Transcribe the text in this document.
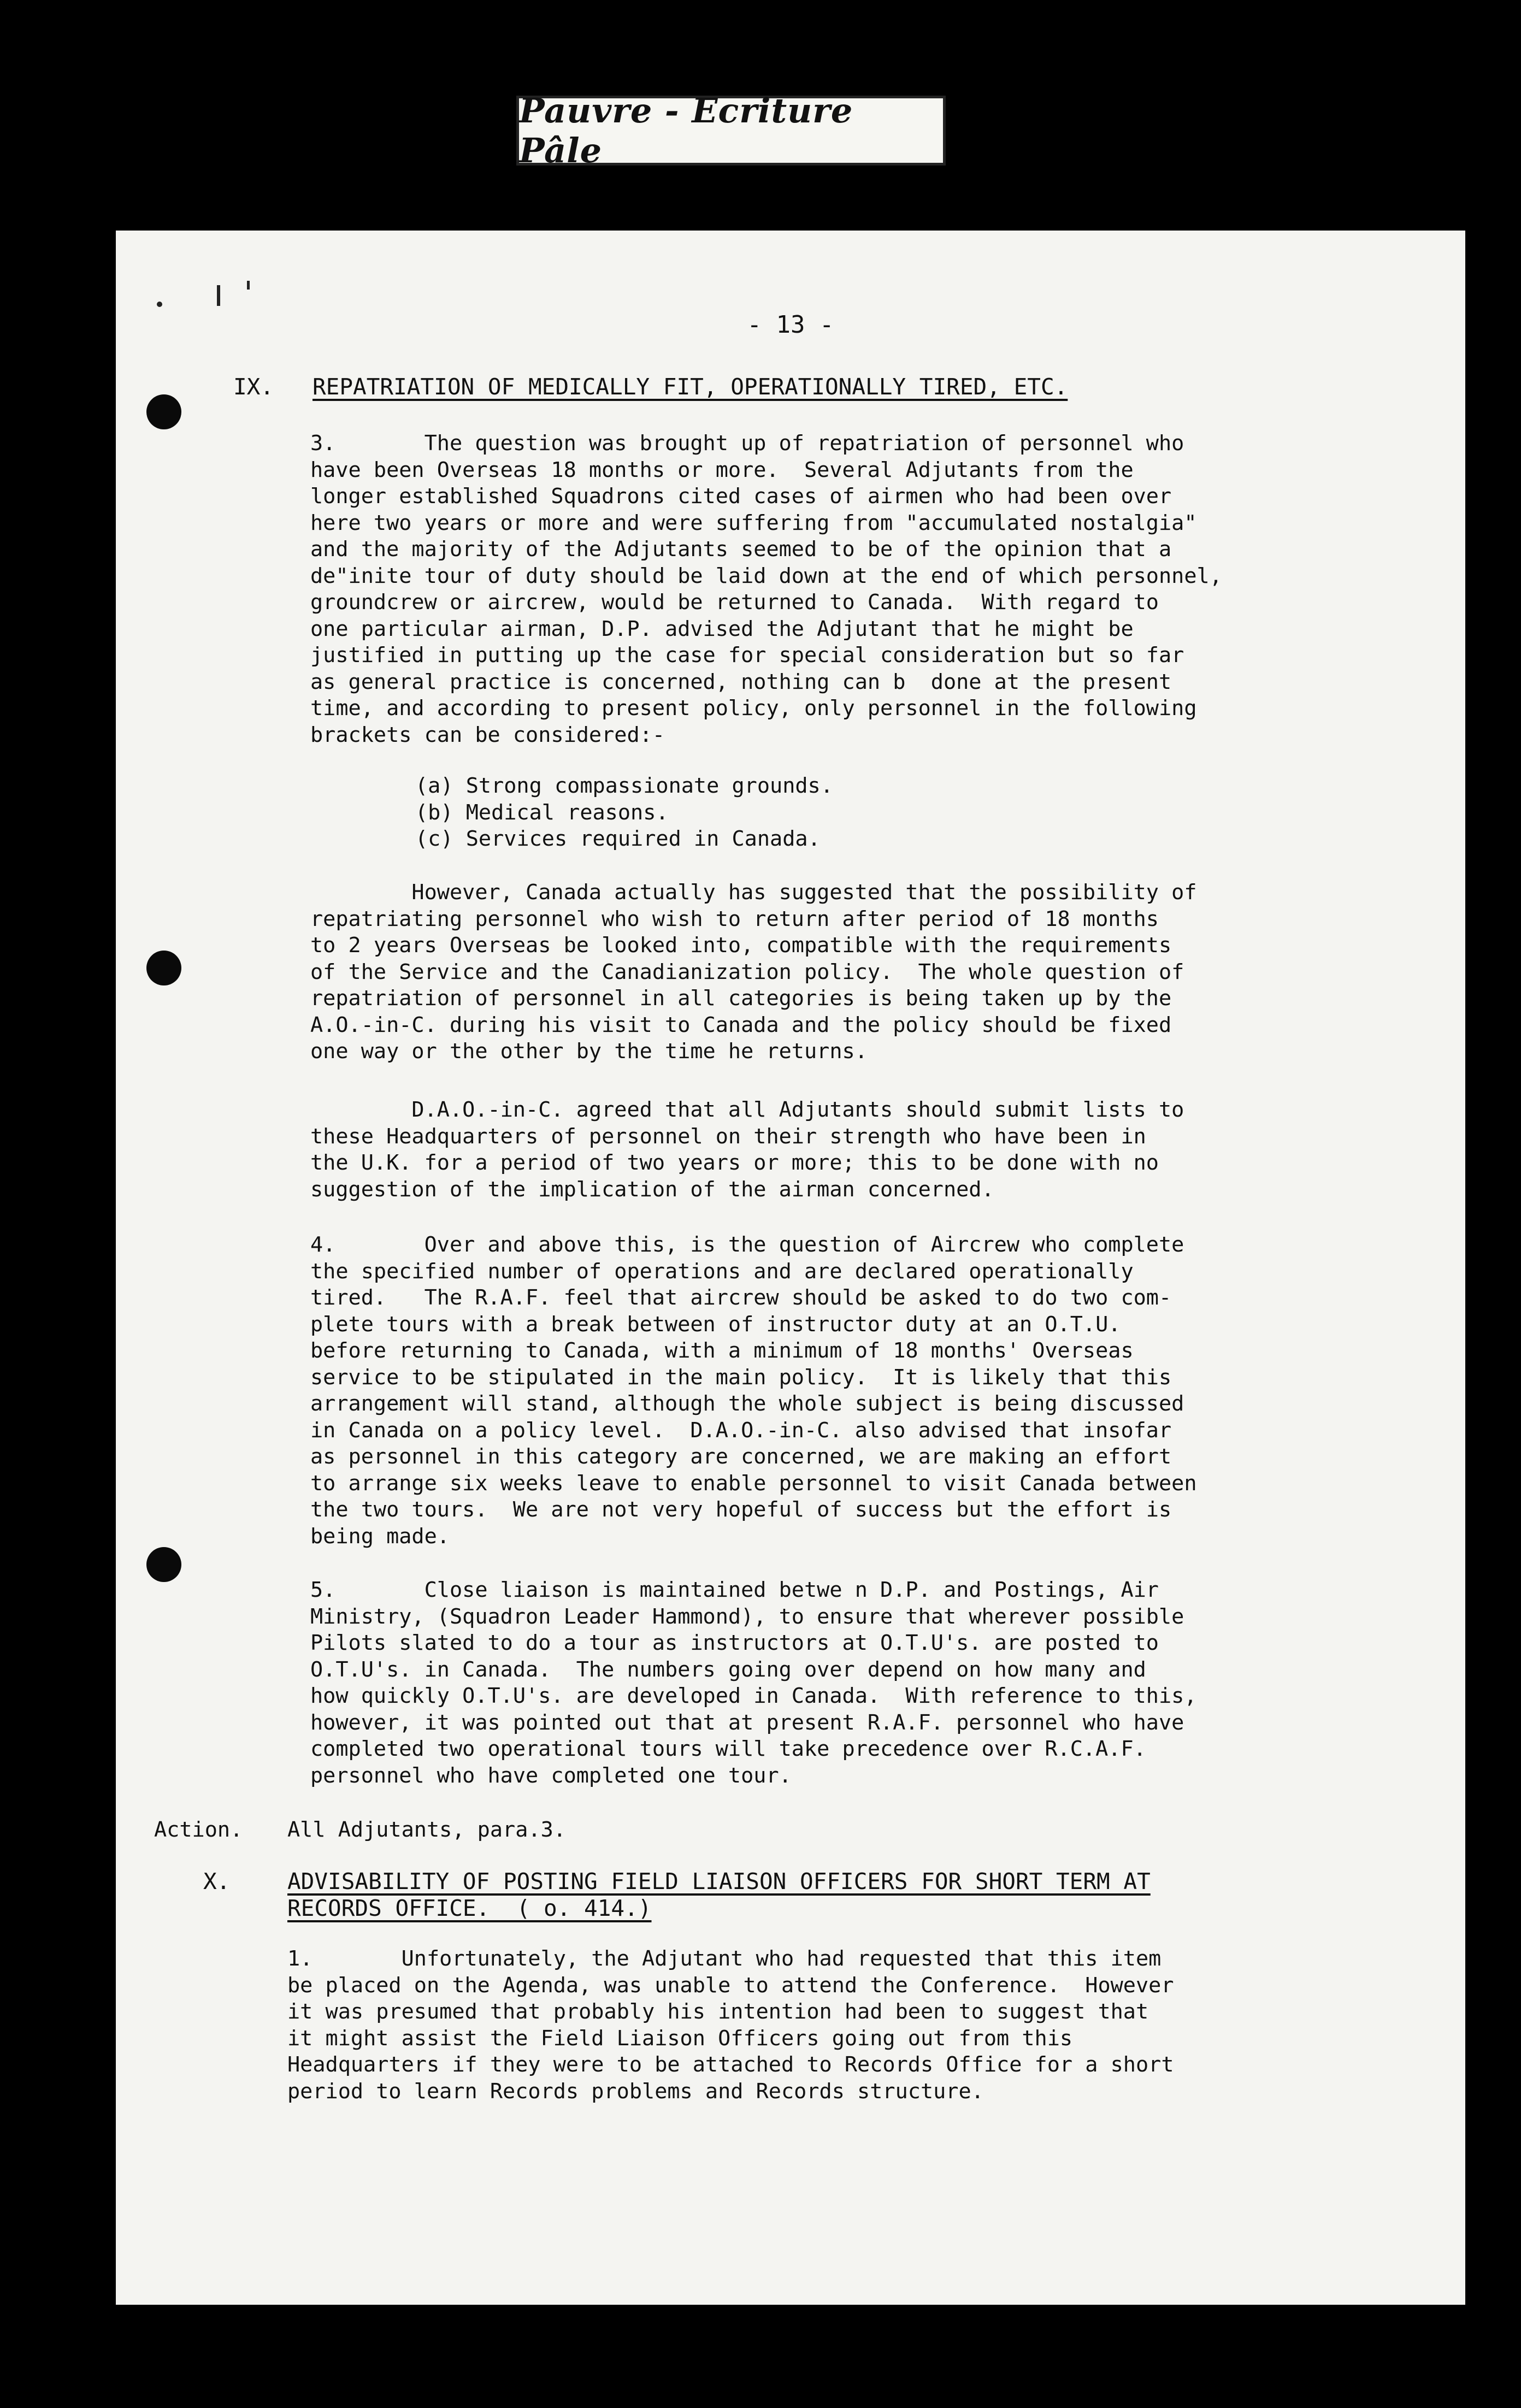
Pauvre - Ecriture Pâle
- 13 -
IX. REPATRIATION OF MEDICALLY FIT, OPERATIONALLY TIRED, ETC.
3.       The question was brought up of repatriation of personnel who
have been Overseas 18 months or more.  Several Adjutants from the
longer established Squadrons cited cases of airmen who had been over
here two years or more and were suffering from "accumulated nostalgia"
and the majority of the Adjutants seemed to be of the opinion that a
de"inite tour of duty should be laid down at the end of which personnel,
groundcrew or aircrew, would be returned to Canada.  With regard to
one particular airman, D.P. advised the Adjutant that he might be
justified in putting up the case for special consideration but so far
as general practice is concerned, nothing can b  done at the present
time, and according to present policy, only personnel in the following
brackets can be considered:-
(a) Strong compassionate grounds.
(b) Medical reasons.
(c) Services required in Canada.
However, Canada actually has suggested that the possibility of
repatriating personnel who wish to return after period of 18 months
to 2 years Overseas be looked into, compatible with the requirements
of the Service and the Canadianization policy.  The whole question of
repatriation of personnel in all categories is being taken up by the
A.O.-in-C. during his visit to Canada and the policy should be fixed
one way or the other by the time he returns.
D.A.O.-in-C. agreed that all Adjutants should submit lists to
these Headquarters of personnel on their strength who have been in
the U.K. for a period of two years or more; this to be done with no
suggestion of the implication of the airman concerned.
4.       Over and above this, is the question of Aircrew who complete
the specified number of operations and are declared operationally
tired.   The R.A.F. feel that aircrew should be asked to do two com-
plete tours with a break between of instructor duty at an O.T.U.
before returning to Canada, with a minimum of 18 months' Overseas
service to be stipulated in the main policy.  It is likely that this
arrangement will stand, although the whole subject is being discussed
in Canada on a policy level.  D.A.O.-in-C. also advised that insofar
as personnel in this category are concerned, we are making an effort
to arrange six weeks leave to enable personnel to visit Canada between
the two tours.  We are not very hopeful of success but the effort is
being made.
5.       Close liaison is maintained betwe n D.P. and Postings, Air
Ministry, (Squadron Leader Hammond), to ensure that wherever possible
Pilots slated to do a tour as instructors at O.T.U's. are posted to
O.T.U's. in Canada.  The numbers going over depend on how many and
how quickly O.T.U's. are developed in Canada.  With reference to this,
however, it was pointed out that at present R.A.F. personnel who have
completed two operational tours will take precedence over R.C.A.F.
personnel who have completed one tour.
Action. All Adjutants, para.3.
X.	ADVISABILITY OF POSTING FIELD LIAISON OFFICERS FOR SHORT TERM AT
RECORDS OFFICE.  ( o. 414.)
1.       Unfortunately, the Adjutant who had requested that this item
be placed on the Agenda, was unable to attend the Conference.  However
it was presumed that probably his intention had been to suggest that
it might assist the Field Liaison Officers going out from this
Headquarters if they were to be attached to Records Office for a short
period to learn Records problems and Records structure.
